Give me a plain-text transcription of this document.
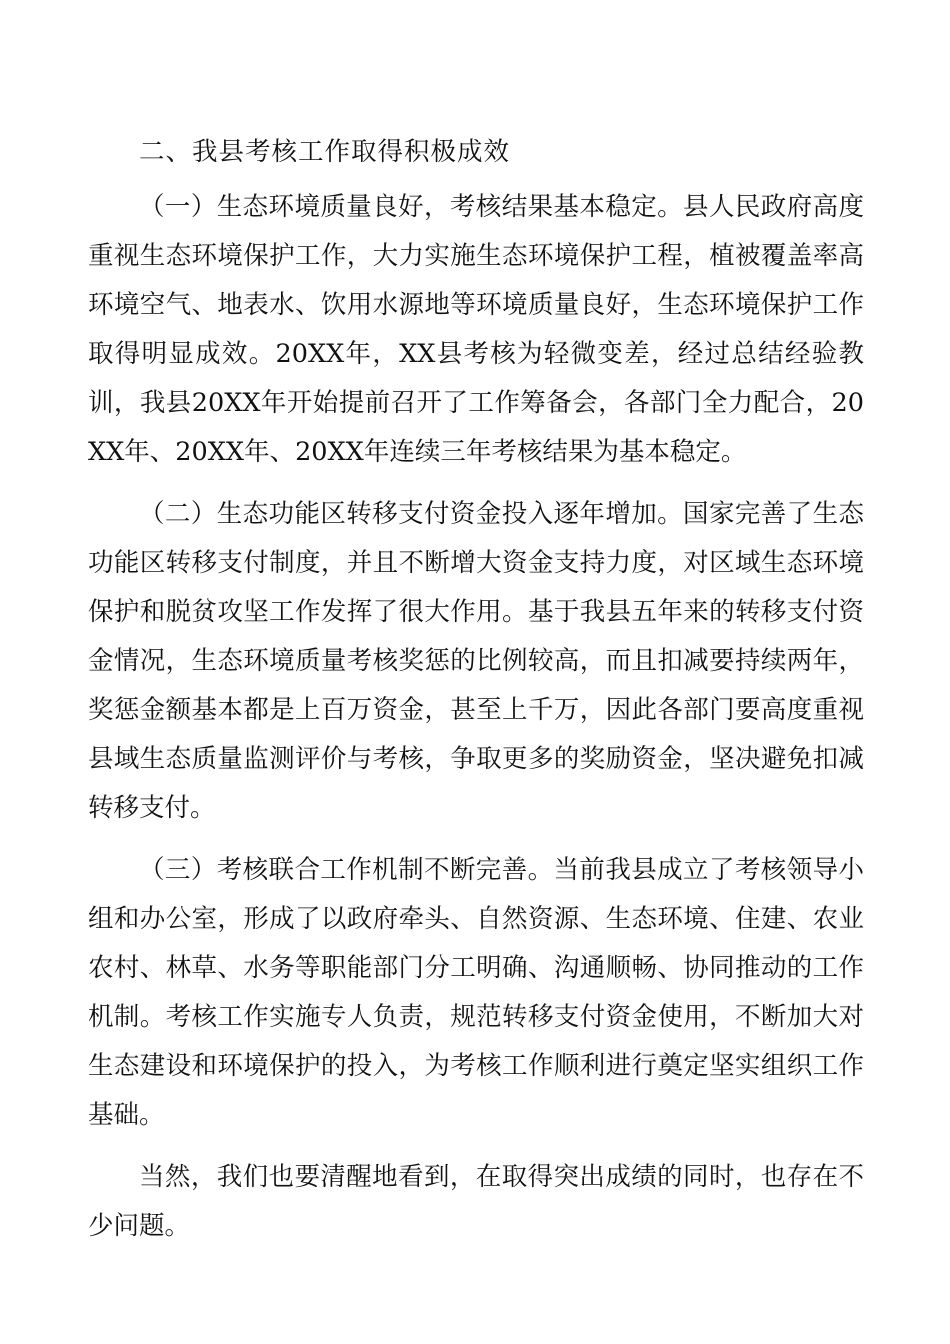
二、我县考核工作取得积极成效

（一）生态环境质量良好，考核结果基本稳定。县人民政府高度重视生态环境保护工作，大力实施生态环境保护工程，植被覆盖率高环境空气、地表水、饮用水源地等环境质量良好，生态环境保护工作取得明显成效。20XX年，XX县考核为轻微变差，经过总结经验教训，我县20XX年开始提前召开了工作筹备会，各部门全力配合，20XX年、20XX年、20XX年连续三年考核结果为基本稳定。

（二）生态功能区转移支付资金投入逐年增加。国家完善了生态功能区转移支付制度，并且不断增大资金支持力度，对区域生态环境保护和脱贫攻坚工作发挥了很大作用。基于我县五年来的转移支付资金情况，生态环境质量考核奖惩的比例较高，而且扣减要持续两年，奖惩金额基本都是上百万资金，甚至上千万，因此各部门要高度重视县域生态质量监测评价与考核，争取更多的奖励资金，坚决避免扣减转移支付。

（三）考核联合工作机制不断完善。当前我县成立了考核领导小组和办公室，形成了以政府牵头、自然资源、生态环境、住建、农业农村、林草、水务等职能部门分工明确、沟通顺畅、协同推动的工作机制。考核工作实施专人负责，规范转移支付资金使用，不断加大对生态建设和环境保护的投入，为考核工作顺利进行奠定坚实组织工作基础。

当然，我们也要清醒地看到，在取得突出成绩的同时，也存在不少问题。
